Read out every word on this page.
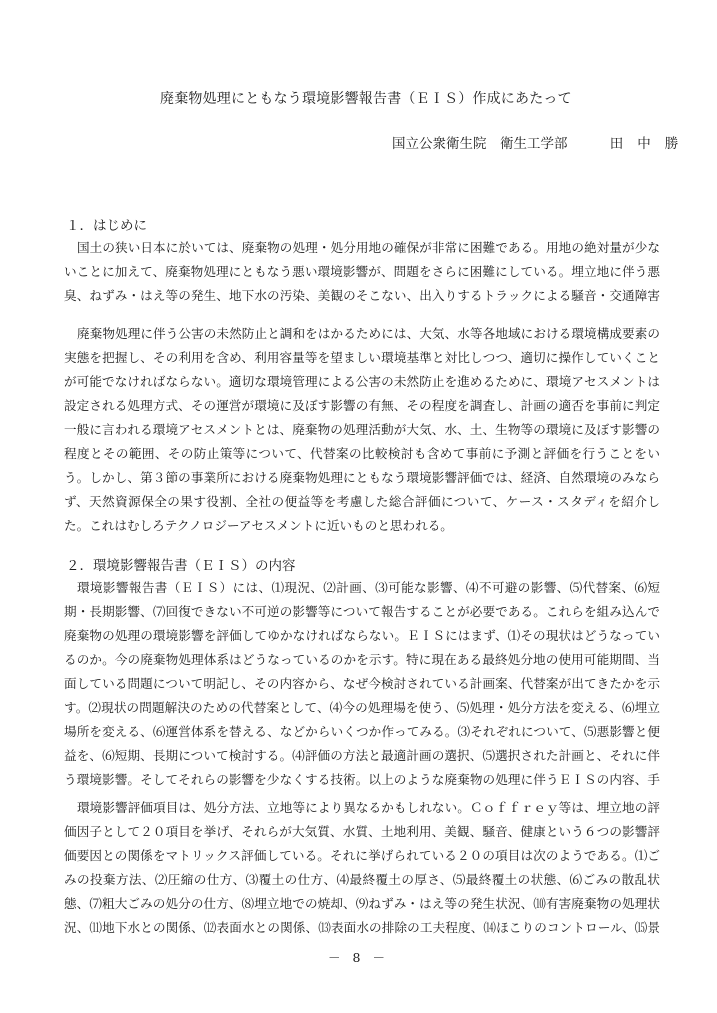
廃棄物処理にともなう環境影響報告書（ＥＩＳ）作成にあたって
国立公衆衛生院　衛生工学部	田中勝
１．はじめに
国土の狭い日本に於いては、廃棄物の処理・処分用地の確保が非常に困難である。用地の絶対量が少ないことに加えて、廃棄物処理にともなう悪い環境影響が、問題をさらに困難にしている。埋立地に伴う悪臭、ねずみ・はえ等の発生、地下水の汚染、美観のそこない、出入りするトラックによる騒音・交通障害
廃棄物処理に伴う公害の未然防止と調和をはかるためには、大気、水等各地域における環境構成要素の実態を把握し、その利用を含め、利用容量等を望ましい環境基準と対比しつつ、適切に操作していくことが可能でなければならない。適切な環境管理による公害の未然防止を進めるために、環境アセスメントは設定される処理方式、その運営が環境に及ぼす影響の有無、その程度を調査し、計画の適否を事前に判定
一般に言われる環境アセスメントとは、廃棄物の処理活動が大気、水、土、生物等の環境に及ぼす影響の程度とその範囲、その防止策等について、代替案の比較検討も含めて事前に予測と評価を行うことをいう。しかし、第３節の事業所における廃棄物処理にともなう環境影響評価では、経済、自然環境のみならず、天然資源保全の果す役割、全社の便益等を考慮した総合評価について、ケース・スタディを紹介した。これはむしろテクノロジーアセスメントに近いものと思われる。
２．環境影響報告書（ＥＩＳ）の内容
環境影響報告書（ＥＩＳ）には、⑴現況、⑵計画、⑶可能な影響、⑷不可避の影響、⑸代替案、⑹短期・長期影響、⑺回復できない不可逆の影響等について報告することが必要である。これらを組み込んで廃棄物の処理の環境影響を評価してゆかなければならない。ＥＩＳにはまず、⑴その現状はどうなっているのか。今の廃棄物処理体系はどうなっているのかを示す。特に現在ある最終処分地の使用可能期間、当面している問題について明記し、その内容から、なぜ今検討されている計画案、代替案が出てきたかを示す。⑵現状の問題解決のための代替案として、⑷今の処理場を使う、⑸処理・処分方法を変える、⑹埋立場所を変える、⑹運営体系を替える、などからいくつか作ってみる。⑶それぞれについて、⑸悪影響と便益を、⑹短期、長期について検討する。⑷評価の方法と最適計画の選択、⑸選択された計画と、それに伴う環境影響。そしてそれらの影響を少なくする技術。以上のような廃棄物の処理に伴うＥＩＳの内容、手
環境影響評価項目は、処分方法、立地等により異なるかもしれない。Ｃｏｆｆｒｅｙ等は、埋立地の評価因子として２０項目を挙げ、それらが大気質、水質、土地利用、美観、騒音、健康という６つの影響評価要因との関係をマトリックス評価している。それに挙げられている２０の項目は次のようである。⑴ごみの投棄方法、⑵圧縮の仕方、⑶覆土の仕方、⑷最終覆土の厚さ、⑸最終覆土の状態、⑹ごみの散乱状態、⑺粗大ごみの処分の仕方、⑻埋立地での焼却、⑼ねずみ・はえ等の発生状況、⑽有害廃棄物の処理状況、⑾地下水との関係、⑿表面水との関係、⒀表面水の排除の工夫程度、⒁ほこりのコントロール、⒂景
－ 8 －
